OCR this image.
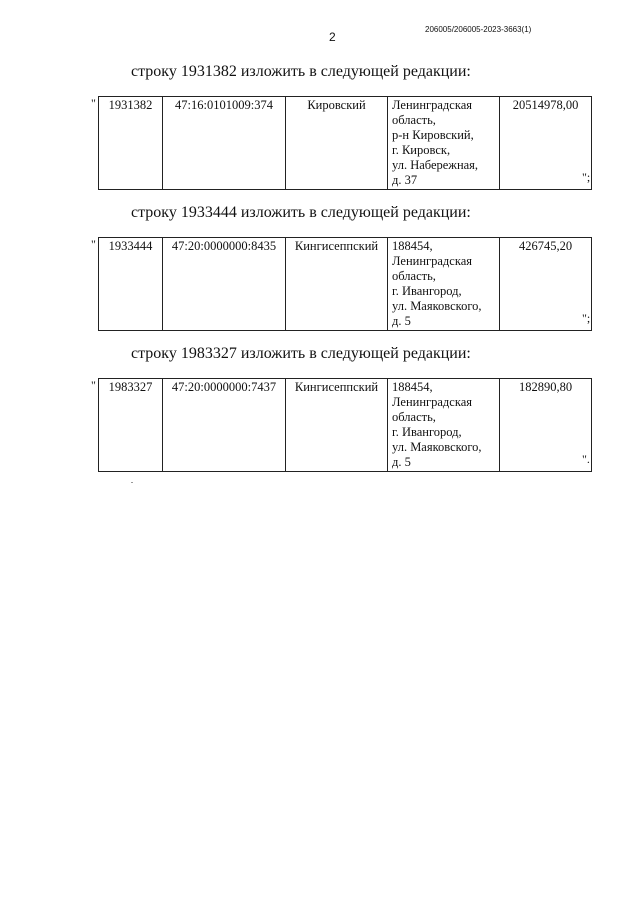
206005/206005-2023-3663(1)
2
строку 1931382 изложить в следующей редакции:
" 1931382	47:16:0101009:374	Кировский	Ленинградская
область,
р-н Кировский,
г. Кировск,
ул. Набережная,
д. 37
	20514978,00
";
строку 1933444 изложить в следующей редакции:
" 1933444	47:20:0000000:8435	Кингисеппский	188454,
Ленинградская
область,
г. Ивангород,
ул. Маяковского,
д. 5
	426745,20
";
строку 1983327 изложить в следующей редакции:
" 1983327	47:20:0000000:7437	Кингисеппский	188454,
Ленинградская
область,
г. Ивангород,
ул. Маяковского,
д. 5
	182890,80
".
